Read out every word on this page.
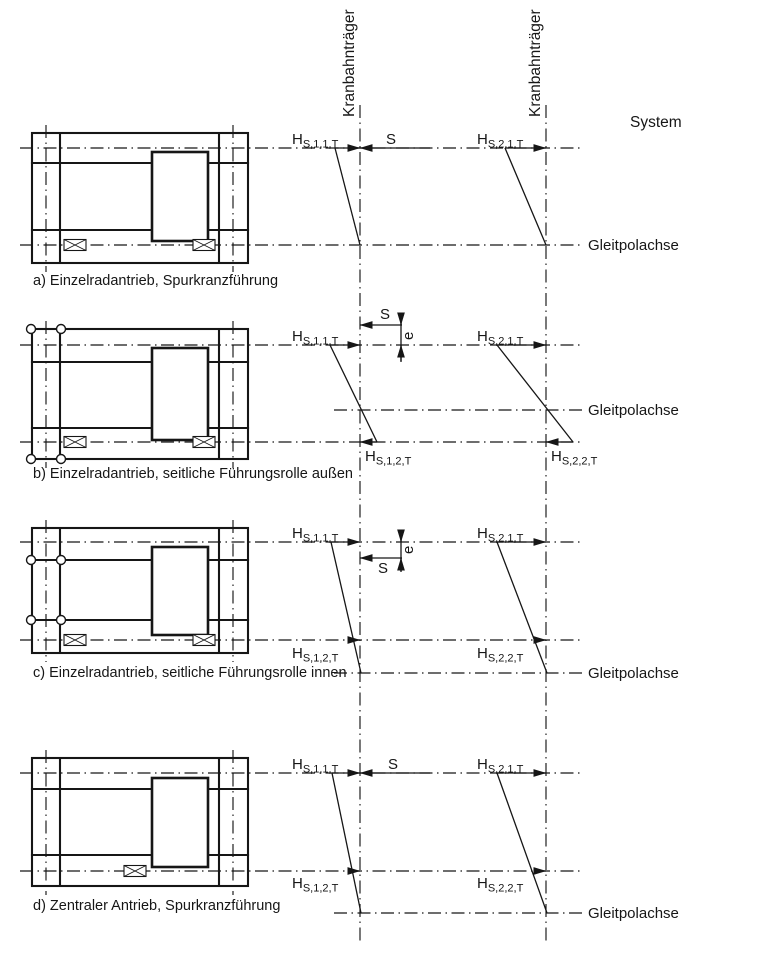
Kranbahnträger	Kranbahnträger
System
$H_{S,1,1,T}$	S	$H_{S,2,1,T}$
Gleitpolachse
a) Einzelradantrieb, Spurkranzführung
$H_{S,1,1,T}$
S
e	$H_{S,2,1,T}$
$H_{S,1,2,T}$	$H_{S,2,2,T}$
Gleitpolachse
b) Einzelradantrieb, seitliche Führungsrolle außen
$H_{S,1,1,T}$
S
e
$H_{S,2,1,T}$
$H_{S,1,2,T}$	$H_{S,2,2,T}$
Gleitpolachse
c) Einzelradantrieb, seitliche Führungsrolle innen
$H_{S,1,1,T}$	S	$H_{S,2,1,T}$
$H_{S,1,2,T}$	$H_{S,2,2,T}$
Gleitpolachse
d) Zentraler Antrieb, Spurkranzführung
